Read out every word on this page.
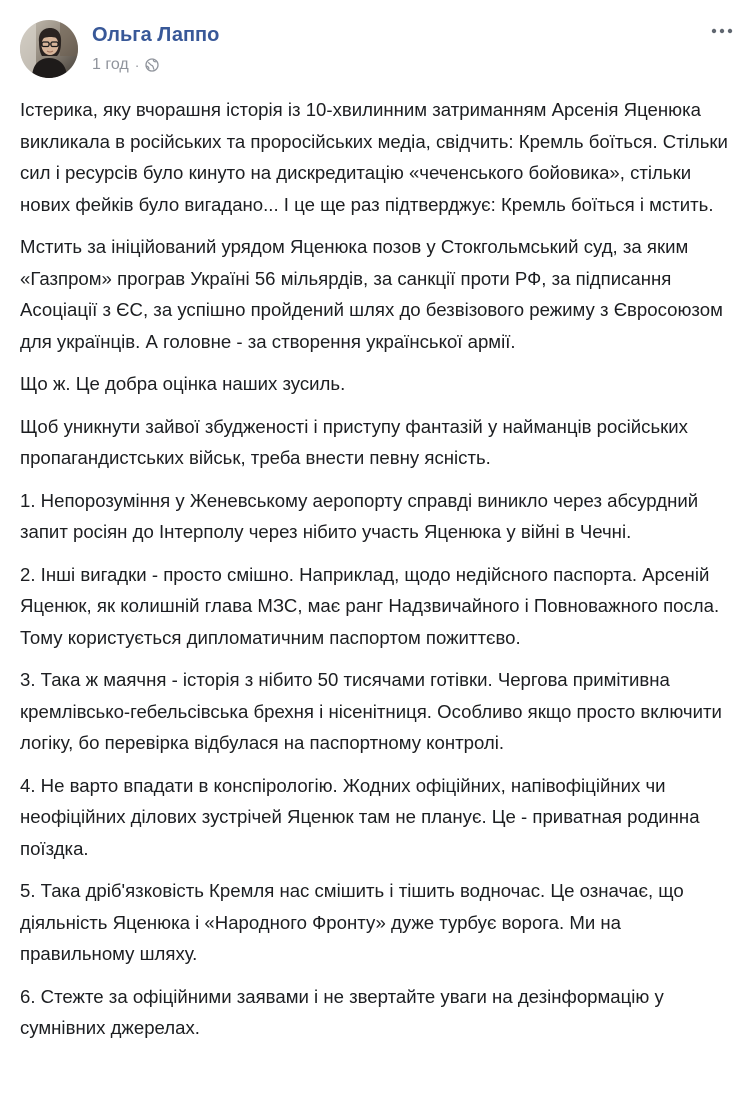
Ольга Лаппо
1 год ·

Істерика, яку вчорашня історія із 10-хвилинним затриманням Арсенія Яценюка викликала в російських та проросійських медіа, свідчить: Кремль боїться. Стільки сил і ресурсів було кинуто на дискредитацію «чеченського бойовика», стільки нових фейків було вигадано... І це ще раз підтверджує: Кремль боїться і мстить.

Мстить за ініційований урядом Яценюка позов у Стокгольмський суд, за яким «Газпром» програв Україні 56 мільярдів, за санкції проти РФ, за підписання Асоціації з ЄС, за успішно пройдений шлях до безвізового режиму з Євросоюзом для українців. А головне - за створення української армії.

Що ж. Це добра оцінка наших зусиль.

Щоб уникнути зайвої збудженості і приступу фантазій у найманців російських пропагандистських військ, треба внести певну ясність.

1. Непорозуміння у Женевському аеропорту справді виникло через абсурдний запит росіян до Інтерполу через нібито участь Яценюка у війні в Чечні.

2. Інші вигадки - просто смішно. Наприклад, щодо недійсного паспорта. Арсеній Яценюк, як колишній глава МЗС, має ранг Надзвичайного і Повноважного посла. Тому користується дипломатичним паспортом пожиттєво.

3. Така ж маячня - історія з нібито 50 тисячами готівки. Чергова примітивна кремлівсько-гебельсівська брехня і нісенітниця. Особливо якщо просто включити логіку, бо перевірка відбулася на паспортному контролі.

4. Не варто впадати в конспірологію. Жодних офіційних, напівофіційних чи неофіційних ділових зустрічей Яценюк там не планує. Це - приватная родинна поїздка.

5. Така дріб'язковість Кремля нас смішить і тішить водночас. Це означає, що діяльність Яценюка і «Народного Фронту» дуже турбує ворога. Ми на правильному шляху.

6. Стежте за офіційними заявами і не звертайте уваги на дезінформацію у сумнівних джерелах.
